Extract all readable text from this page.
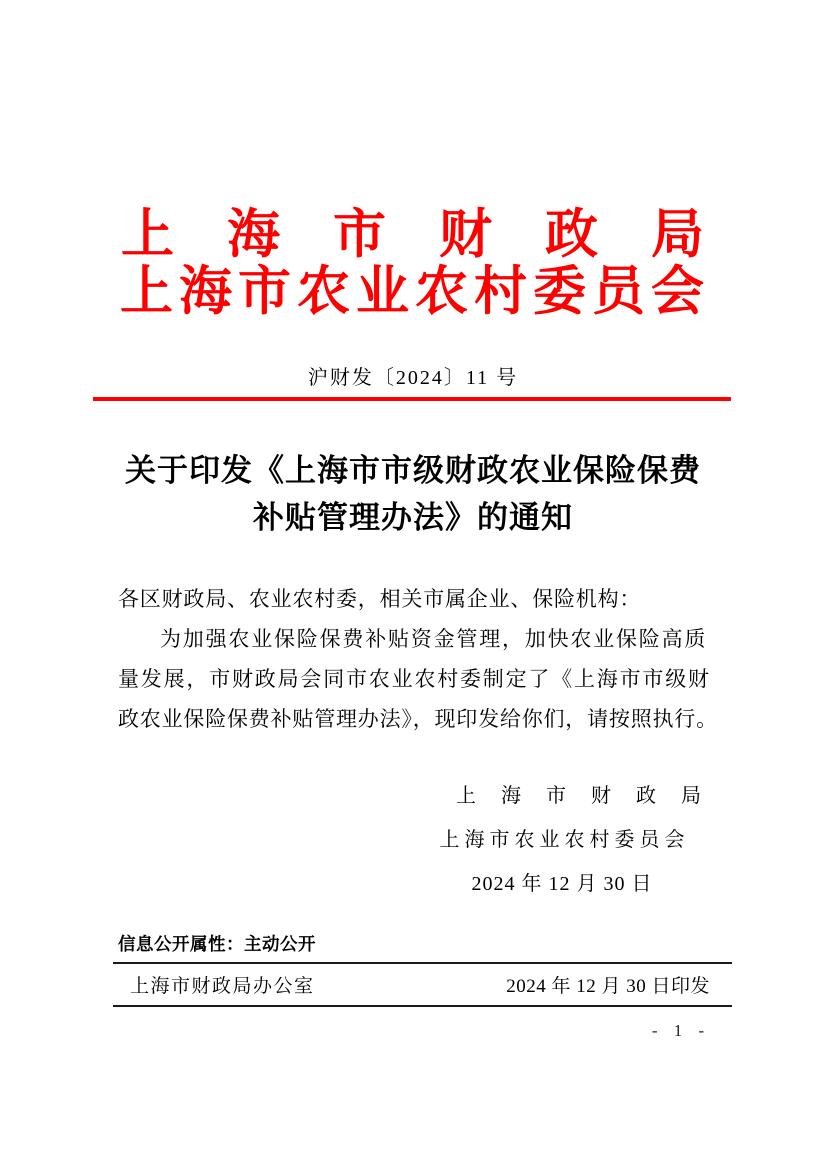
上海市财政局
上海市农业农村委员会
沪财发〔2024〕11 号
关于印发《上海市市级财政农业保险保费
补贴管理办法》的通知
各区财政局、农业农村委，相关市属企业、保险机构：
为加强农业保险保费补贴资金管理，加快农业保险高质
量发展，市财政局会同市农业农村委制定了《上海市市级财
政农业保险保费补贴管理办法》，现印发给你们，请按照执行。
上海市财政局
上海市农业农村委员会
2024 年 12 月 30 日
信息公开属性：主动公开
上海市财政局办公室	2024 年 12 月 30 日印发
- 1 -
